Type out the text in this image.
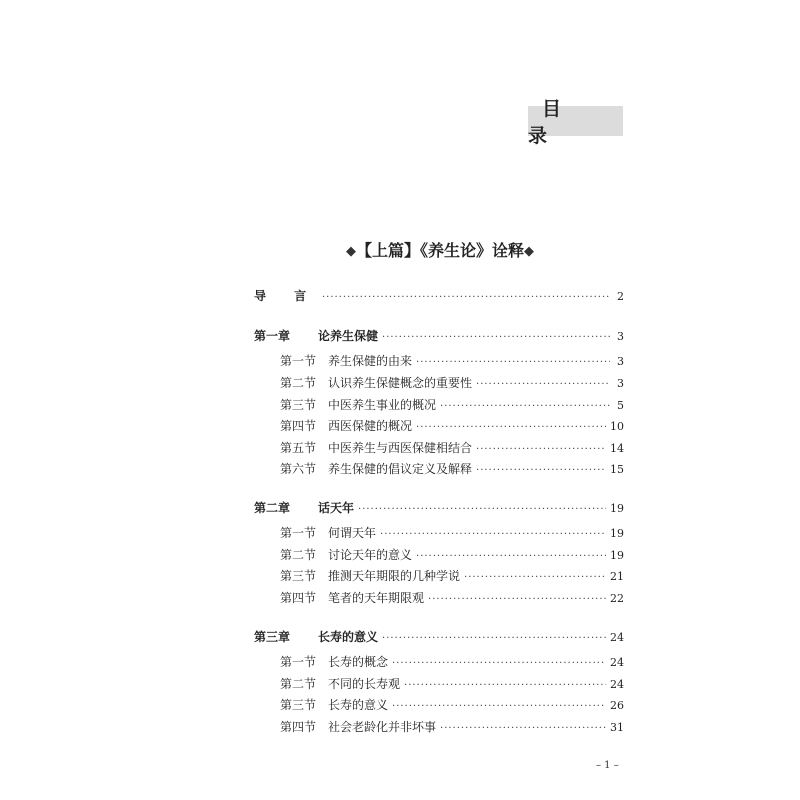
目 录
◆【上篇】《养生论》诠释◆
导 言 ·····	2
第一章	论养生保健 ·····	3
第一节 养生保健的由来 ·····	3
第二节 认识养生保健概念的重要性 ·····	3
第三节 中医养生事业的概况 ·····	5
第四节 西医保健的概况 ·····	10
第五节 中医养生与西医保健相结合 ·····	14
第六节 养生保健的倡议定义及解释 ·····	15
第二章	话天年 ·····	19
第一节 何谓天年 ·····	19
第二节 讨论天年的意义 ·····	19
第三节 推测天年期限的几种学说 ·····	21
第四节 笔者的天年期限观 ·····	22
第三章	长寿的意义 ·····	24
第一节 长寿的概念 ·····	24
第二节 不同的长寿观 ·····	24
第三节 长寿的意义 ·····	26
第四节 社会老龄化并非坏事 ·····	31
– 1 –
